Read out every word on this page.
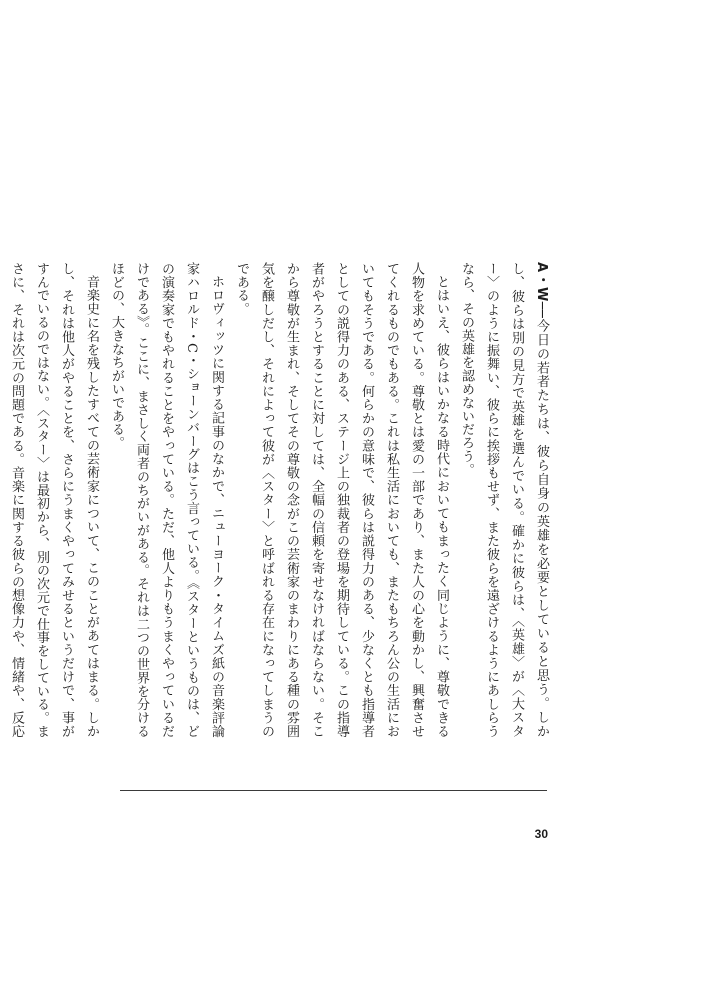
A・W──今日の若者たちは、彼ら自身の英雄を必要としていると思う。しかし、彼らは別の見方で英雄を選んでいる。確かに彼らは、〈英雄〉が〈大スター〉のように振舞い、彼らに挨拶もせず、また彼らを遠ざけるようにあしらうなら、その英雄を認めないだろう。

とはいえ、彼らはいかなる時代においてもまったく同じように、尊敬できる人物を求めている。尊敬とは愛の一部であり、また人の心を動かし、興奮させてくれるものでもある。これは私生活においても、またもちろん公の生活においてもそうである。何らかの意味で、彼らは説得力のある、少なくとも指導者としての説得力のある、ステージ上の独裁者の登場を期待している。この指導者がやろうとすることに対しては、全幅の信頼を寄せなければならない。そこから尊敬が生まれ、そしてその尊敬の念がこの芸術家のまわりにある種の雰囲気を醸しだし、それによって彼が〈スター〉と呼ばれる存在になってしまうのである。

ホロヴィッツに関する記事のなかで、ニューヨーク・タイムズ紙の音楽評論家ハロルド・C・ショーンバーグはこう言っている。《スターというものは、どの演奏家でもやれることをやっている。ただ、他人よりもうまくやっているだけである》。ここに、まさしく両者のちがいがある。それは二つの世界を分けるほどの、大きなちがいである。

音楽史に名を残したすべての芸術家について、このことがあてはまる。しかし、それは他人がやることを、さらにうまくやってみせるというだけで、事がすんでいるのではない。〈スター〉は最初から、別の次元で仕事をしている。まさに、それは次元の問題である。音楽に関する彼らの想像力や、情緒や、反応

30
